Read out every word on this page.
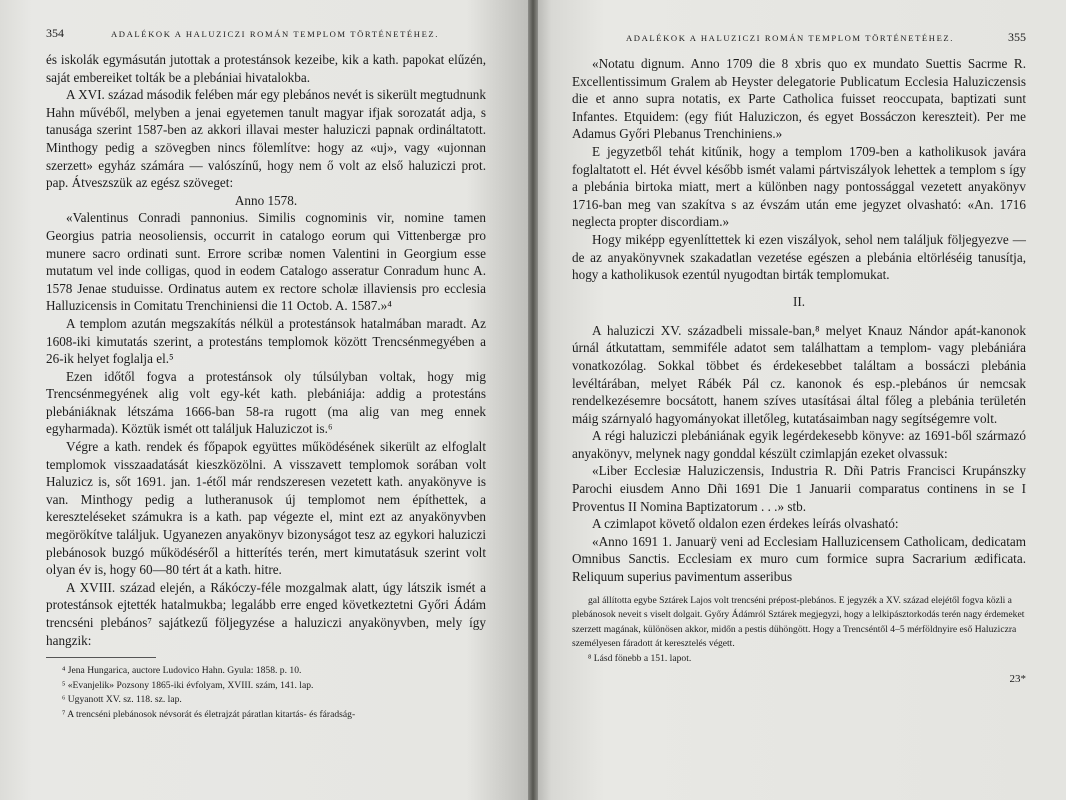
354	ADALÉKOK A HALUZICZI ROMÁN TEMPLOM TÖRTÉNETÉHEZ.

és iskolák egymásután jutottak a protestánsok kezeibe, kik a kath. papokat elűzén, saját embereiket tolták be a plebániai hivatalokba.

A XVI. század második felében már egy plebános nevét is sikerült megtudnunk Hahn művéből, melyben a jenai egyetemen tanult magyar ifjak sorozatát adja, s tanusága szerint 1587-ben az akkori illavai mester haluziczi papnak ordináltatott. Minthogy pedig a szövegben nincs fölemlítve: hogy az «uj», vagy «ujonnan szerzett» egyház számára — valószínű, hogy nem ő volt az első haluziczi prot. pap. Átveszszük az egész szöveget:

Anno 1578.

«Valentinus Conradi pannonius. Similis cognominis vir, nomine tamen Georgius patria neosoliensis, occurrit in catalogo eorum qui Vittenbergæ pro munere sacro ordinati sunt. Errore scribæ nomen Valentini in Georgium esse mutatum vel inde colligas, quod in eodem Catalogo asseratur Conradum hunc A. 1578 Jenae studuisse. Ordinatus autem ex rectore scholæ illaviensis pro ecclesia Halluzicensis in Comitatu Trenchiniensi die 11 Octob. A. 1587.»⁴

A templom azután megszakítás nélkül a protestánsok hatalmában maradt. Az 1608-iki kimutatás szerint, a protestáns templomok között Trencsénmegyében a 26-ik helyet foglalja el.⁵

Ezen időtől fogva a protestánsok oly túlsúlyban voltak, hogy mig Trencsénmegyének alig volt egy-két kath. plebániája: addig a protestáns plebániáknak létszáma 1666-ban 58-ra rugott (ma alig van meg ennek egyharmada). Köztük ismét ott találjuk Haluziczot is.⁶

Végre a kath. rendek és főpapok együttes működésének sikerült az elfoglalt templomok visszaadatását kieszközölni. A visszavett templomok sorában volt Haluzicz is, sőt 1691. jan. 1-étől már rendszeresen vezetett kath. anyakönyve is van. Minthogy pedig a lutheranusok új templomot nem építhettek, a kereszteléseket számukra is a kath. pap végezte el, mint ezt az anyakönyvben megörökítve találjuk. Ugyanezen anyakönyv bizonyságot tesz az egykori haluziczi plebánosok buzgó működéséről a hitterítés terén, mert kimutatásuk szerint volt olyan év is, hogy 60—80 tért át a kath. hitre.

A XVIII. század elején, a Rákóczy-féle mozgalmak alatt, úgy látszik ismét a protestánsok ejtették hatalmukba; legalább erre enged következtetni Győri Ádám trencséni plebános⁷ sajátkezű följegyzése a haluziczi anyakönyvben, mely így hangzik:

⁴ Jena Hungarica, auctore Ludovico Hahn. Gyula: 1858. p. 10.

⁵ «Evanjelik» Pozsony 1865-iki évfolyam, XVIII. szám, 141. lap.

⁶ Ugyanott XV. sz. 118. sz. lap.

⁷ A trencséni plebánosok névsorát és életrajzát páratlan kitartás- és fáradság-

ADALÉKOK A HALUZICZI ROMÁN TEMPLOM TÖRTÉNETÉHEZ.	355

«Notatu dignum. Anno 1709 die 8 xbris quo ex mundato Suettis Sacrme R. Excellentissimum Gralem ab Heyster delegatorie Publicatum Ecclesia Haluziczensis die et anno supra notatis, ex Parte Catholica fuisset reoccupata, baptizati sunt Infantes. Etquidem: (egy fiút Haluziczon, és egyet Bossáczon kereszteit). Per me Adamus Győri Plebanus Trenchiniens.»

E jegyzetből tehát kitűnik, hogy a templom 1709-ben a katholikusok javára foglaltatott el. Hét évvel később ismét valami pártviszályok lehettek a templom s így a plebánia birtoka miatt, mert a különben nagy pontossággal vezetett anyakönyv 1716-ban meg van szakítva s az évszám után eme jegyzet olvasható: «An. 1716 neglecta propter discordiam.»

Hogy miképp egyenlíttettek ki ezen viszályok, sehol nem találjuk följegyezve — de az anyakönyvnek szakadatlan vezetése egészen a plebánia eltörléséig tanusítja, hogy a katholikusok ezentúl nyugodtan birták templomukat.

II.

A haluziczi XV. századbeli missale-ban,⁸ melyet Knauz Nándor apát-kanonok úrnál átkutattam, semmiféle adatot sem találhattam a templom- vagy plebániára vonatkozólag. Sokkal többet és érdekesebbet találtam a bossáczi plebánia levéltárában, melyet Rábék Pál cz. kanonok és esp.-plebános úr nemcsak rendelkezésemre bocsátott, hanem szíves utasításai által főleg a plebánia területén máig szárnyaló hagyományokat illetőleg, kutatásaimban nagy segítségemre volt.

A régi haluziczi plebániának egyik legérdekesebb könyve: az 1691-ből származó anyakönyv, melynek nagy gonddal készült czimlapján ezeket olvassuk:

«Liber Ecclesiæ Haluziczensis, Industria R. Dñi Patris Francisci Krupánszky Parochi eiusdem Anno Dñi 1691 Die 1 Januarii comparatus continens in se I Proventus II Nomina Baptizatorum . . .» stb.

A czimlapot követő oldalon ezen érdekes leírás olvasható:

«Anno 1691 1. Januarÿ veni ad Ecclesiam Halluzicensem Catholicam, dedicatam Omnibus Sanctis. Ecclesiam ex muro cum formice supra Sacrarium ædificata. Reliquum superius pavimentum asseribus

gal állította egybe Sztárek Lajos volt trencséni prépost-plebános. E jegyzék a XV. század elejétől fogva közli a plebánosok neveit s viselt dolgait. Győry Ádámról Sztárek megjegyzi, hogy a lelkipásztorkodás terén nagy érdemeket szerzett magának, különösen akkor, midőn a pestis dühöngött. Hogy a Trencséntől 4–5 mérföldnyire eső Haluziczra személyesen fáradott át keresztelés végett.

⁸ Lásd fönebb a 151. lapot.

23*
